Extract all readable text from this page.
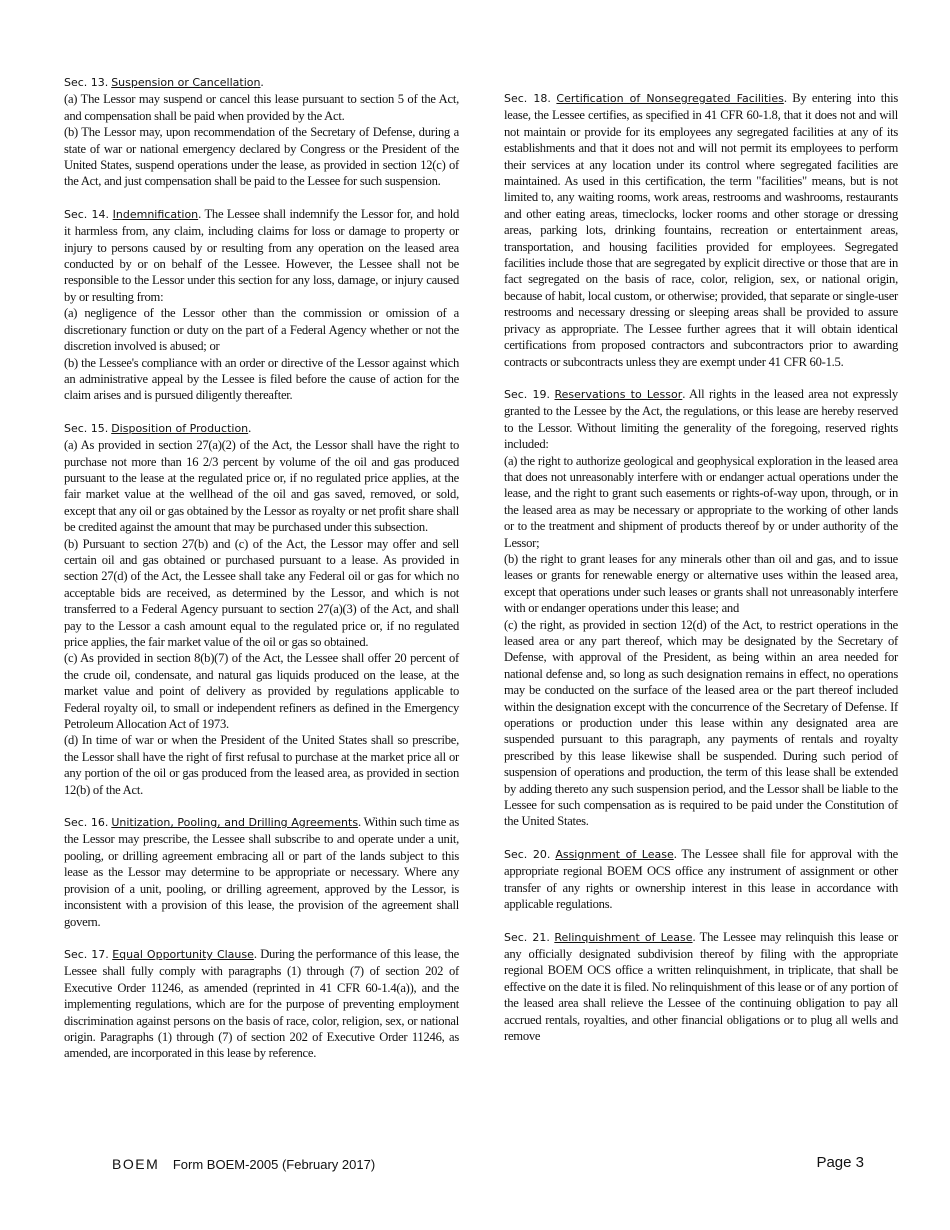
Sec. 13. Suspension or Cancellation.
(a) The Lessor may suspend or cancel this lease pursuant to section 5 of the Act, and compensation shall be paid when provided by the Act.
(b) The Lessor may, upon recommendation of the Secretary of Defense, during a state of war or national emergency declared by Congress or the President of the United States, suspend operations under the lease, as provided in section 12(c) of the Act, and just compensation shall be paid to the Lessee for such suspension.
Sec. 14. Indemnification. The Lessee shall indemnify the Lessor for, and hold it harmless from, any claim, including claims for loss or damage to property or injury to persons caused by or resulting from any operation on the leased area conducted by or on behalf of the Lessee. However, the Lessee shall not be responsible to the Lessor under this section for any loss, damage, or injury caused by or resulting from:
(a) negligence of the Lessor other than the commission or omission of a discretionary function or duty on the part of a Federal Agency whether or not the discretion involved is abused; or
(b) the Lessee's compliance with an order or directive of the Lessor against which an administrative appeal by the Lessee is filed before the cause of action for the claim arises and is pursued diligently thereafter.
Sec. 15. Disposition of Production.
(a) As provided in section 27(a)(2) of the Act, the Lessor shall have the right to purchase not more than 16 2/3 percent by volume of the oil and gas produced pursuant to the lease at the regulated price or, if no regulated price applies, at the fair market value at the wellhead of the oil and gas saved, removed, or sold, except that any oil or gas obtained by the Lessor as royalty or net profit share shall be credited against the amount that may be purchased under this subsection.
(b) Pursuant to section 27(b) and (c) of the Act, the Lessor may offer and sell certain oil and gas obtained or purchased pursuant to a lease. As provided in section 27(d) of the Act, the Lessee shall take any Federal oil or gas for which no acceptable bids are received, as determined by the Lessor, and which is not transferred to a Federal Agency pursuant to section 27(a)(3) of the Act, and shall pay to the Lessor a cash amount equal to the regulated price or, if no regulated price applies, the fair market value of the oil or gas so obtained.
(c) As provided in section 8(b)(7) of the Act, the Lessee shall offer 20 percent of the crude oil, condensate, and natural gas liquids produced on the lease, at the market value and point of delivery as provided by regulations applicable to Federal royalty oil, to small or independent refiners as defined in the Emergency Petroleum Allocation Act of 1973.
(d) In time of war or when the President of the United States shall so prescribe, the Lessor shall have the right of first refusal to purchase at the market price all or any portion of the oil or gas produced from the leased area, as provided in section 12(b) of the Act.
Sec. 16. Unitization, Pooling, and Drilling Agreements. Within such time as the Lessor may prescribe, the Lessee shall subscribe to and operate under a unit, pooling, or drilling agreement embracing all or part of the lands subject to this lease as the Lessor may determine to be appropriate or necessary. Where any provision of a unit, pooling, or drilling agreement, approved by the Lessor, is inconsistent with a provision of this lease, the provision of the agreement shall govern.
Sec. 17. Equal Opportunity Clause. During the performance of this lease, the Lessee shall fully comply with paragraphs (1) through (7) of section 202 of Executive Order 11246, as amended (reprinted in 41 CFR 60-1.4(a)), and the implementing regulations, which are for the purpose of preventing employment discrimination against persons on the basis of race, color, religion, sex, or national origin. Paragraphs (1) through (7) of section 202 of Executive Order 11246, as amended, are incorporated in this lease by reference.
Sec. 18. Certification of Nonsegregated Facilities. By entering into this lease, the Lessee certifies, as specified in 41 CFR 60-1.8, that it does not and will not maintain or provide for its employees any segregated facilities at any of its establishments and that it does not and will not permit its employees to perform their services at any location under its control where segregated facilities are maintained. As used in this certification, the term "facilities" means, but is not limited to, any waiting rooms, work areas, restrooms and washrooms, restaurants and other eating areas, timeclocks, locker rooms and other storage or dressing areas, parking lots, drinking fountains, recreation or entertainment areas, transportation, and housing facilities provided for employees. Segregated facilities include those that are segregated by explicit directive or those that are in fact segregated on the basis of race, color, religion, sex, or national origin, because of habit, local custom, or otherwise; provided, that separate or single-user restrooms and necessary dressing or sleeping areas shall be provided to assure privacy as appropriate. The Lessee further agrees that it will obtain identical certifications from proposed contractors and subcontractors prior to awarding contracts or subcontracts unless they are exempt under 41 CFR 60-1.5.
Sec. 19. Reservations to Lessor. All rights in the leased area not expressly granted to the Lessee by the Act, the regulations, or this lease are hereby reserved to the Lessor. Without limiting the generality of the foregoing, reserved rights included:
(a) the right to authorize geological and geophysical exploration in the leased area that does not unreasonably interfere with or endanger actual operations under the lease, and the right to grant such easements or rights-of-way upon, through, or in the leased area as may be necessary or appropriate to the working of other lands or to the treatment and shipment of products thereof by or under authority of the Lessor;
(b) the right to grant leases for any minerals other than oil and gas, and to issue leases or grants for renewable energy or alternative uses within the leased area, except that operations under such leases or grants shall not unreasonably interfere with or endanger operations under this lease; and
(c) the right, as provided in section 12(d) of the Act, to restrict operations in the leased area or any part thereof, which may be designated by the Secretary of Defense, with approval of the President, as being within an area needed for national defense and, so long as such designation remains in effect, no operations may be conducted on the surface of the leased area or the part thereof included within the designation except with the concurrence of the Secretary of Defense. If operations or production under this lease within any designated area are suspended pursuant to this paragraph, any payments of rentals and royalty prescribed by this lease likewise shall be suspended. During such period of suspension of operations and production, the term of this lease shall be extended by adding thereto any such suspension period, and the Lessor shall be liable to the Lessee for such compensation as is required to be paid under the Constitution of the United States.
Sec. 20. Assignment of Lease. The Lessee shall file for approval with the appropriate regional BOEM OCS office any instrument of assignment or other transfer of any rights or ownership interest in this lease in accordance with applicable regulations.
Sec. 21. Relinquishment of Lease. The Lessee may relinquish this lease or any officially designated subdivision thereof by filing with the appropriate regional BOEM OCS office a written relinquishment, in triplicate, that shall be effective on the date it is filed. No relinquishment of this lease or of any portion of the leased area shall relieve the Lessee of the continuing obligation to pay all accrued rentals, royalties, and other financial obligations or to plug all wells and remove
BOEM Form BOEM-2005 (February 2017)	Page 3
